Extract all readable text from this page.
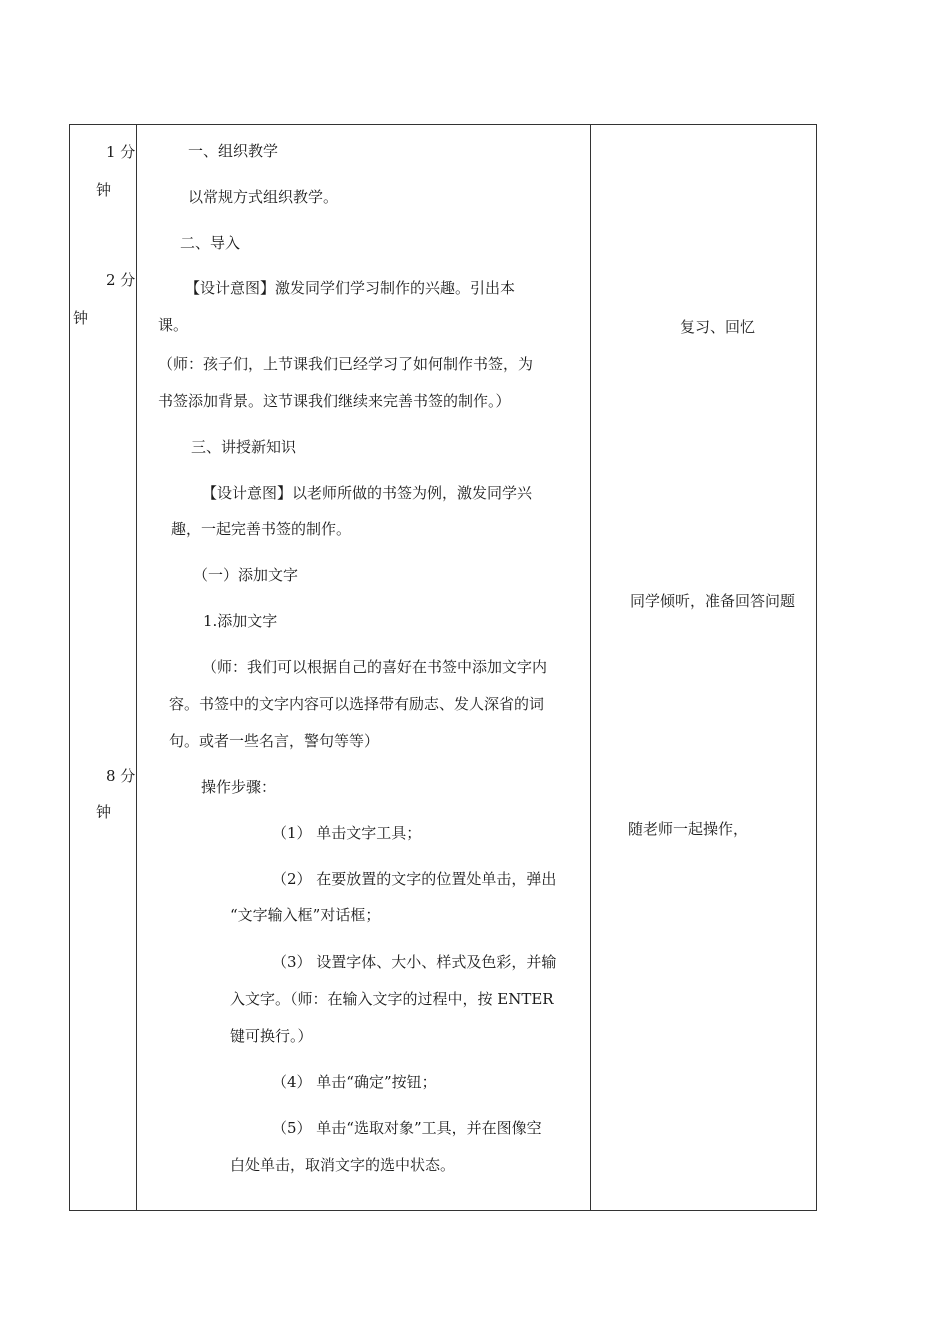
1 分
钟
2 分
钟
8 分
钟
一、组织教学
以常规方式组织教学。
二、导入
【设计意图】激发同学们学习制作的兴趣。引出本
课。
（师：孩子们，上节课我们已经学习了如何制作书签，为
书签添加背景。这节课我们继续来完善书签的制作。）
三、讲授新知识
【设计意图】以老师所做的书签为例，激发同学兴
趣，一起完善书签的制作。
（一）添加文字
1.添加文字
（师：我们可以根据自己的喜好在书签中添加文字内
容。书签中的文字内容可以选择带有励志、发人深省的词
句。或者一些名言，警句等等）
操作步骤：
（1） 单击文字工具；
（2） 在要放置的文字的位置处单击，弹出
“文字输入框”对话框；
（3） 设置字体、大小、样式及色彩，并输
入文字。（师：在输入文字的过程中，按 ENTER
键可换行。）
（4） 单击“确定”按钮；
（5） 单击“选取对象”工具，并在图像空
白处单击，取消文字的选中状态。
复习、回忆
同学倾听，准备回答问题
随老师一起操作，
